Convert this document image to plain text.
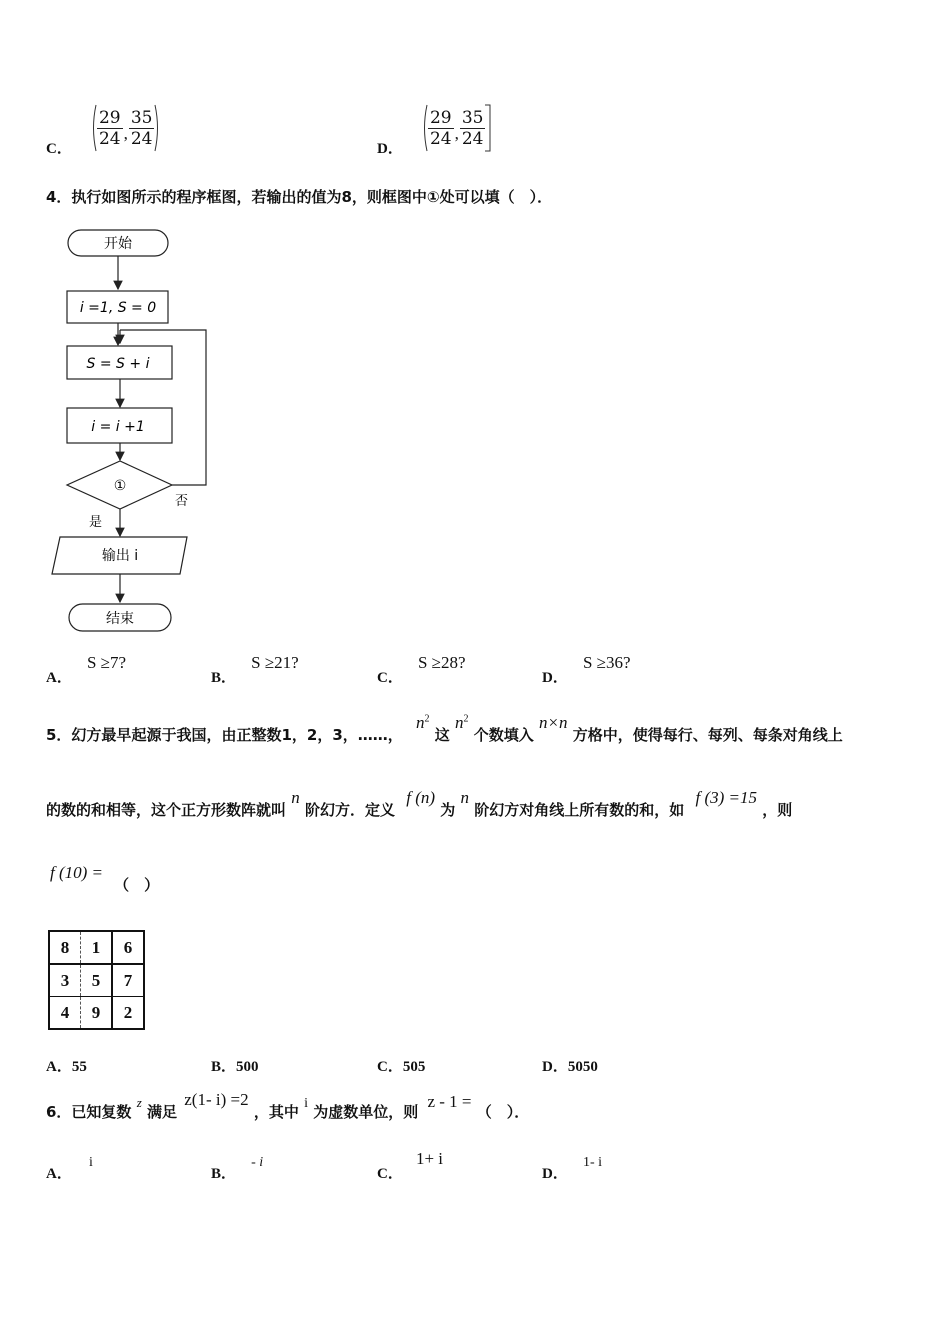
C．
$\frac{29}{24}$ , $\frac{35}{24}$
D．
$\frac{29}{24}$ , $\frac{35}{24}$
4．执行如图所示的程序框图，若输出的值为8，则框图中①处可以填（　）．
开始
i =1, S = 0
S = S + i
i = i +1
①
否
是
输出 i
结束
A． S ≥7?
B． S ≥21?
C． S ≥28?
D． S ≥36?
5．幻方最早起源于我国，由正整数1，2，3，……， $n^2$ 这 $n^2$ 个数填入 n×n 方格中，使得每行、每列、每条对角线上
的数的和相等，这个正方形数阵就叫 n 阶幻方．定义 f (n) 为 n 阶幻方对角线上所有数的和，如 f (3) =15 ，则
f (10) = （　）
8	1	6
3	5	7
4	9	2
A．55	B．500	C．505	D．5050
6．已知复数 z 满足 z(1- i) =2 ，其中 i 为虚数单位，则 z - 1 = （　）．
A． i
B． - i
C． 1+ i
D． 1- i
